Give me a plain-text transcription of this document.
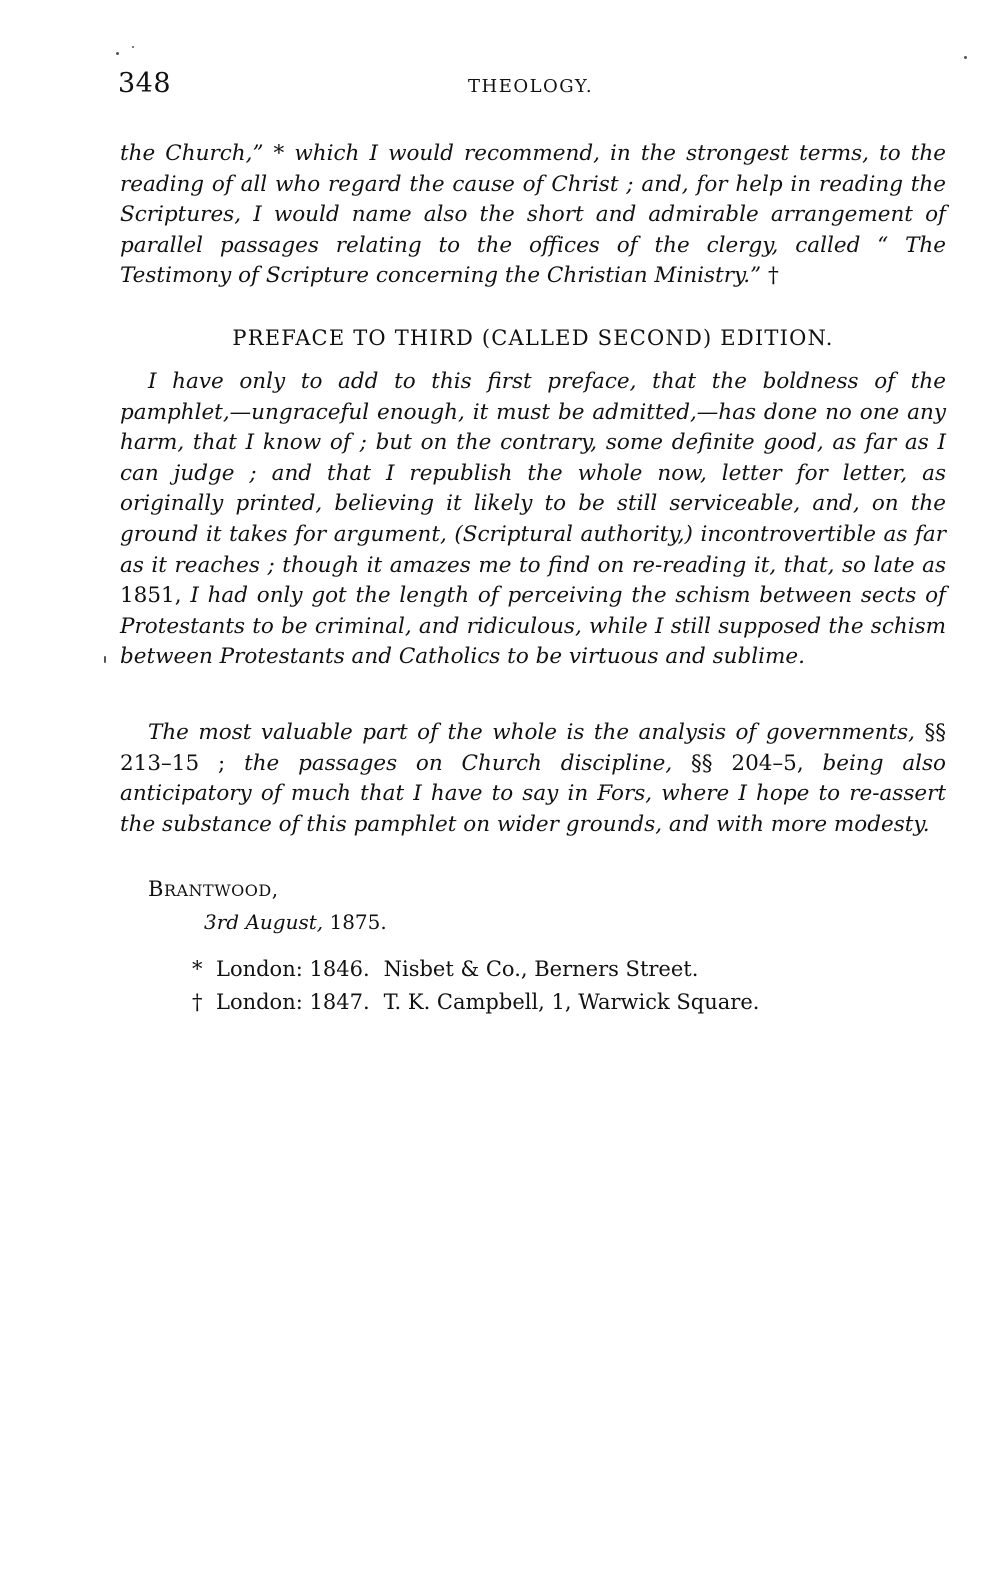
348	THEOLOGY.
the Church,” * which I would recommend, in the strongest terms, to the reading of all who regard the cause of Christ ; and, for help in reading the Scriptures, I would name also the short and admirable arrangement of parallel passages relating to the offices of the clergy, called “ The Testimony of Scripture concerning the Christian Ministry.” †
PREFACE TO THIRD (CALLED SECOND) EDITION.
I have only to add to this first preface, that the boldness of the pamphlet,—ungraceful enough, it must be admitted,—has done no one any harm, that I know of ; but on the contrary, some definite good, as far as I can judge ; and that I republish the whole now, letter for letter, as originally printed, believing it likely to be still serviceable, and, on the ground it takes for argument, (Scriptural authority,) incontrovertible as far as it reaches ; though it amazes me to find on re-reading it, that, so late as 1851, I had only got the length of perceiving the schism between sects of Protestants to be criminal, and ridiculous, while I still supposed the schism between Protestants and Catholics to be virtuous and sublime.
The most valuable part of the whole is the analysis of governments, §§ 213–15 ; the passages on Church discipline, §§ 204–5, being also anticipatory of much that I have to say in Fors, where I hope to re-assert the substance of this pamphlet on wider grounds, and with more modesty.
BRANTWOOD,
3rd August, 1875.
* London: 1846. Nisbet & Co., Berners Street.
† London: 1847. T. K. Campbell, 1, Warwick Square.
